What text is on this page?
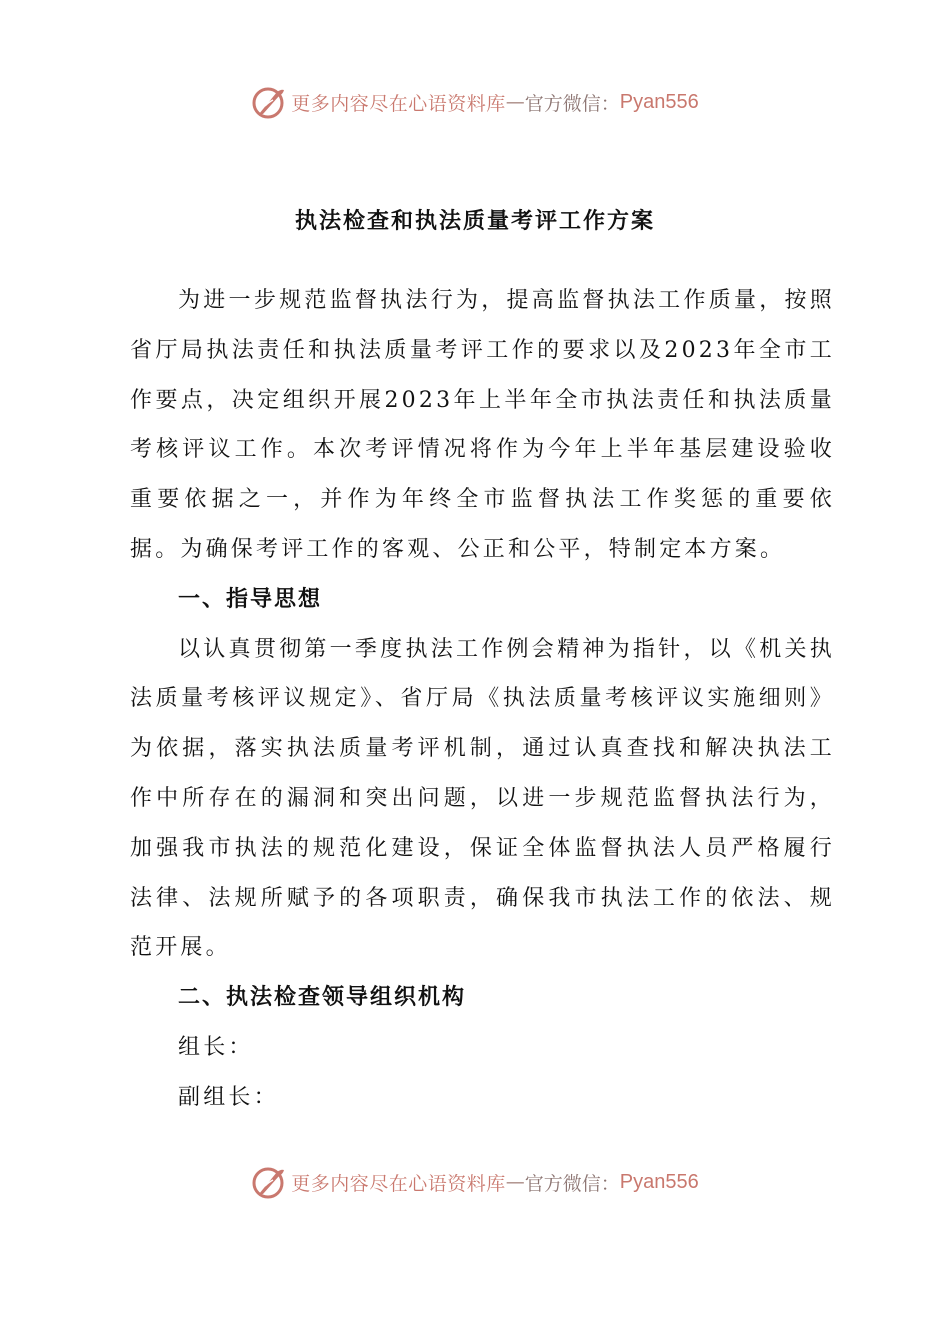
更多内容尽在心语资料库 — 官方微信： Pyan556
执法检查和执法质量考评工作方案

为进一步规范监督执法行为，提高监督执法工作质量，按照省厅局执法责任和执法质量考评工作的要求以及2023年全市工作要点，决定组织开展2023年上半年全市执法责任和执法质量考核评议工作。本次考评情况将作为今年上半年基层建设验收重要依据之一，并作为年终全市监督执法工作奖惩的重要依据。为确保考评工作的客观、公正和公平，特制定本方案。

一、指导思想

以认真贯彻第一季度执法工作例会精神为指针，以《机关执法质量考核评议规定》、省厅局《执法质量考核评议实施细则》为依据，落实执法质量考评机制，通过认真查找和解决执法工作中所存在的漏洞和突出问题，以进一步规范监督执法行为，加强我市执法的规范化建设，保证全体监督执法人员严格履行法律、法规所赋予的各项职责，确保我市执法工作的依法、规范开展。

二、执法检查领导组织机构

组长：

副组长：

更多内容尽在心语资料库 — 官方微信： Pyan556
